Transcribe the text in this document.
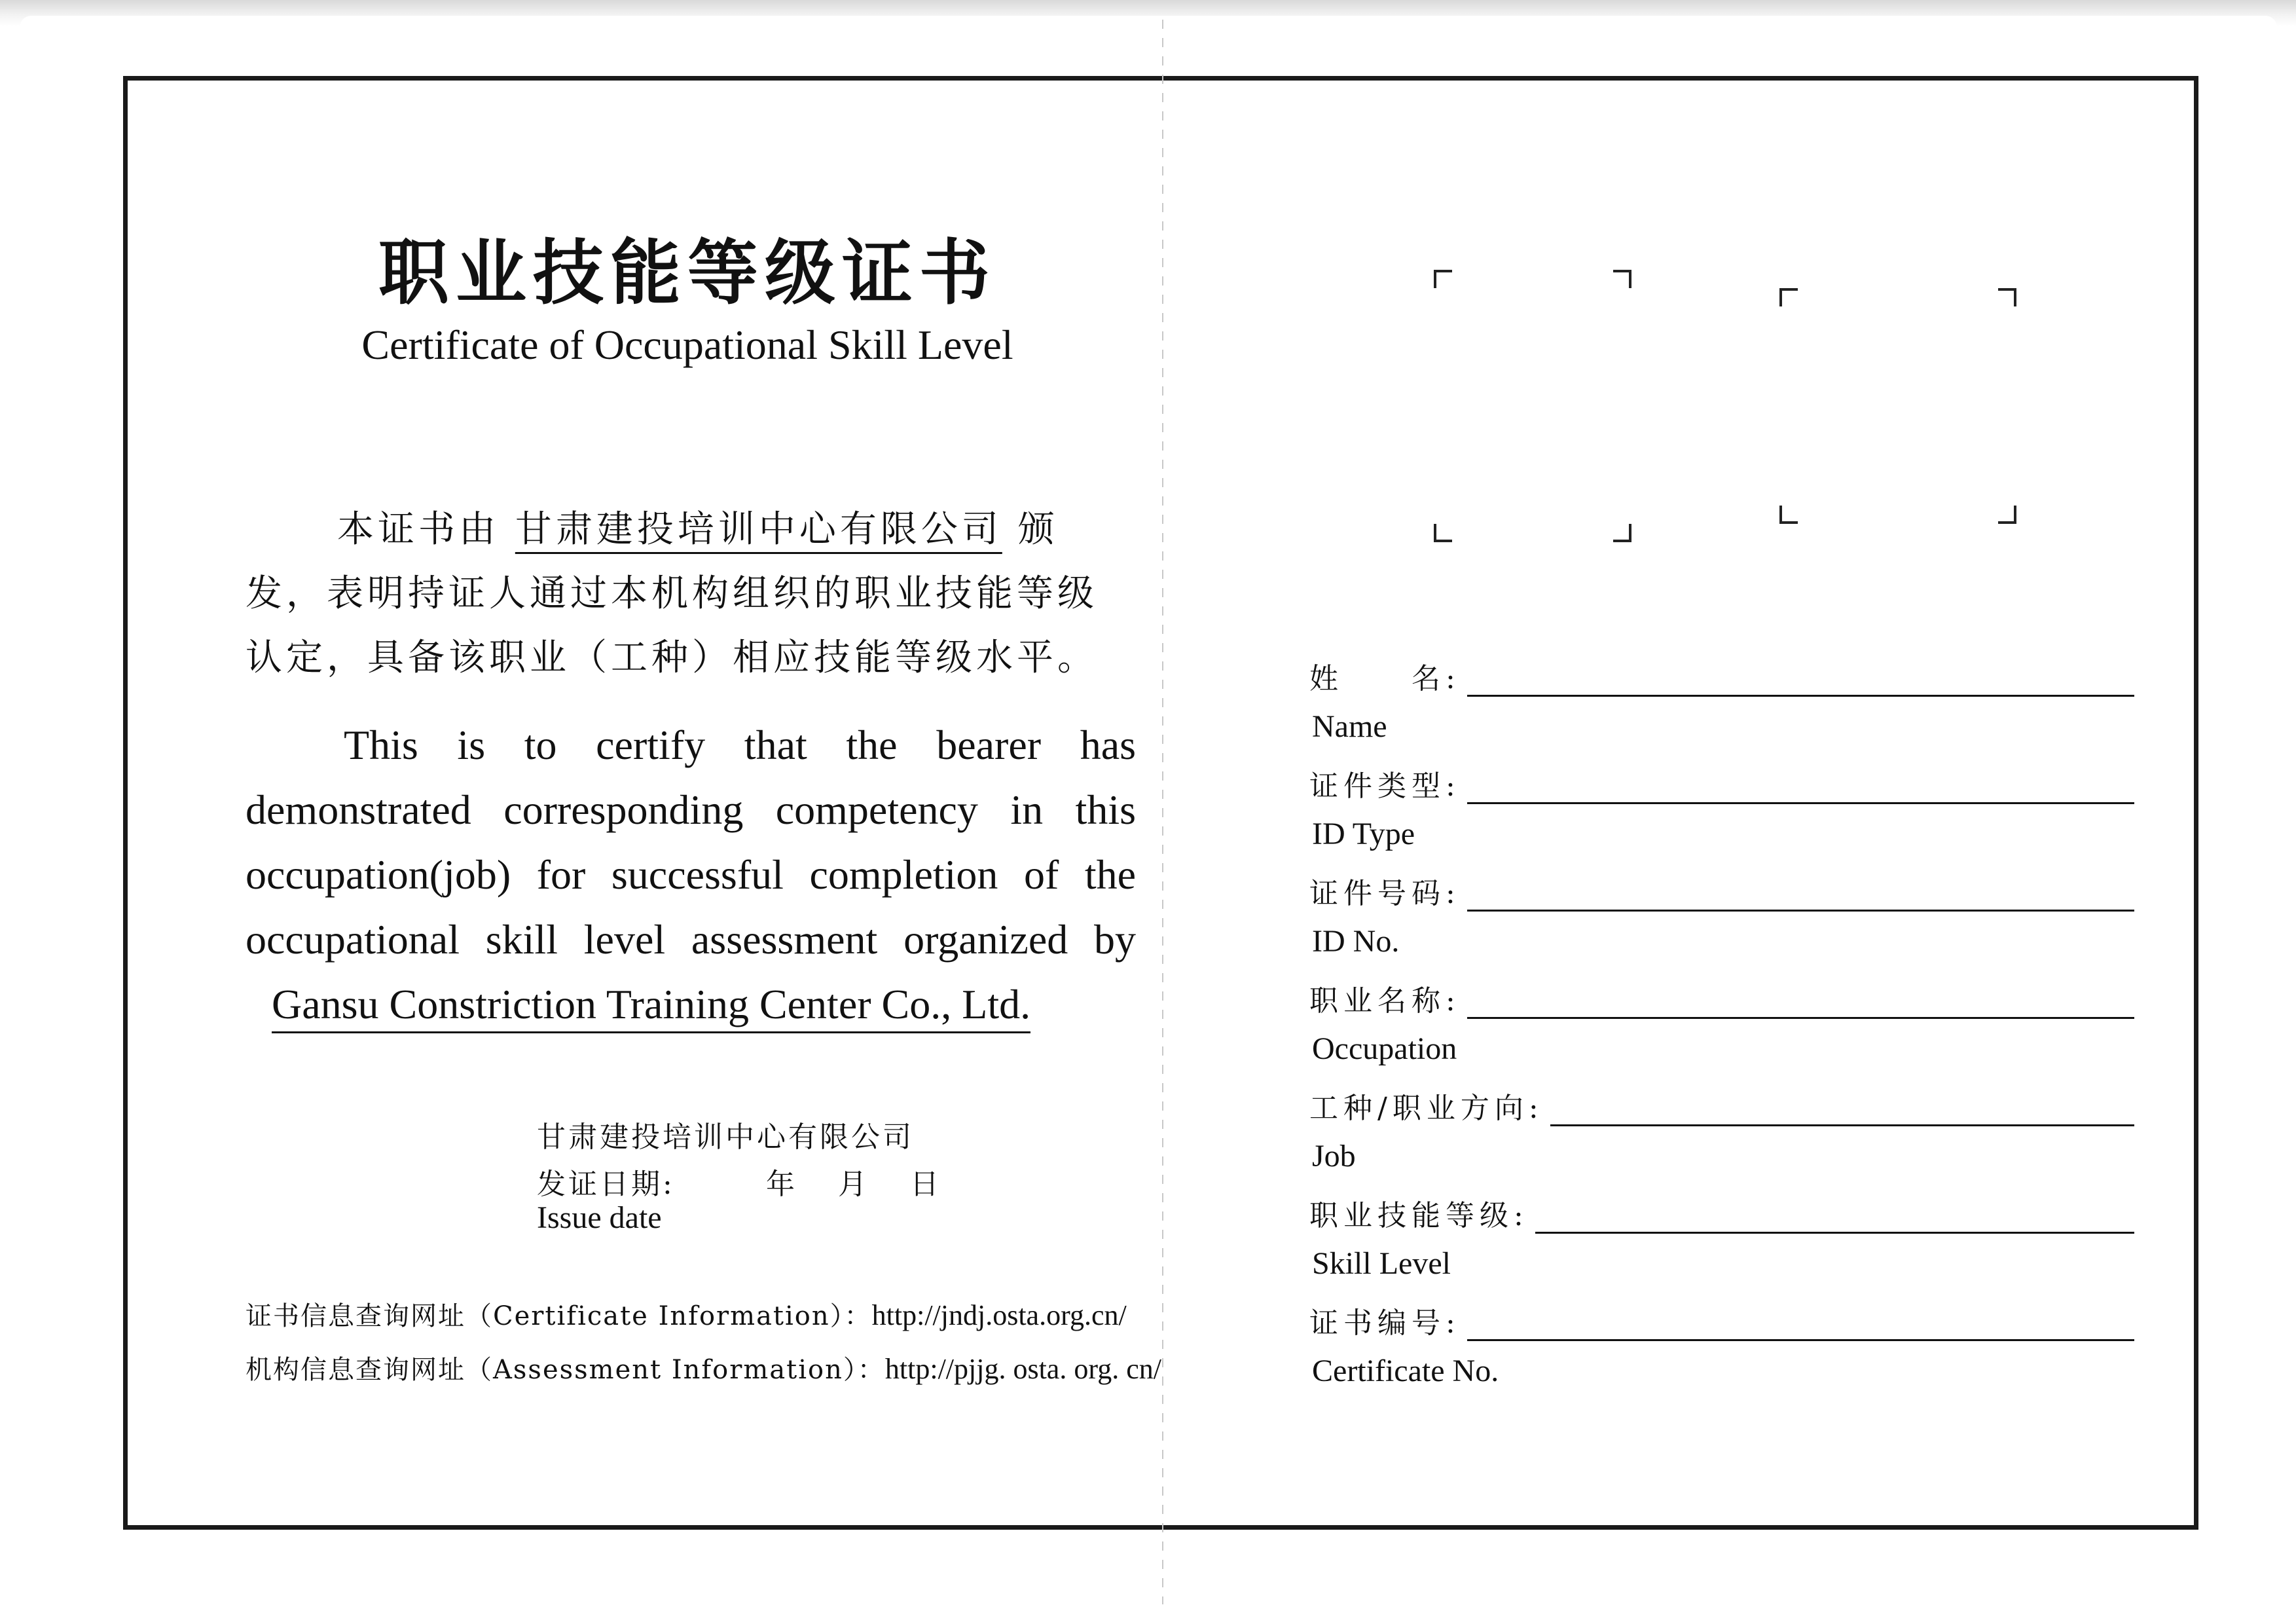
职业技能等级证书
Certificate of Occupational Skill Level
本证书由 甘肃建投培训中心有限公司 颁发，表明持证人通过本机构组织的职业技能等级认定，具备该职业（工种）相应技能等级水平。
This is to certify that the bearer has demonstrated corresponding competency in this occupation(job) for successful completion of the occupational skill level assessment organized by Gansu Constriction Training Center Co., Ltd.
甘肃建投培训中心有限公司
发证日期:	年 月 日
Issue date
证书信息查询网址（Certificate Information）：http://jndj.osta.org.cn/
机构信息查询网址（Assessment Information）：http://pjjg. osta. org. cn/
姓　　名:
Name
证件类型:
ID Type
证件号码:
ID No.
职业名称:
Occupation
工种/职业方向:
Job
职业技能等级:
Skill Level
证书编号:
Certificate No.
